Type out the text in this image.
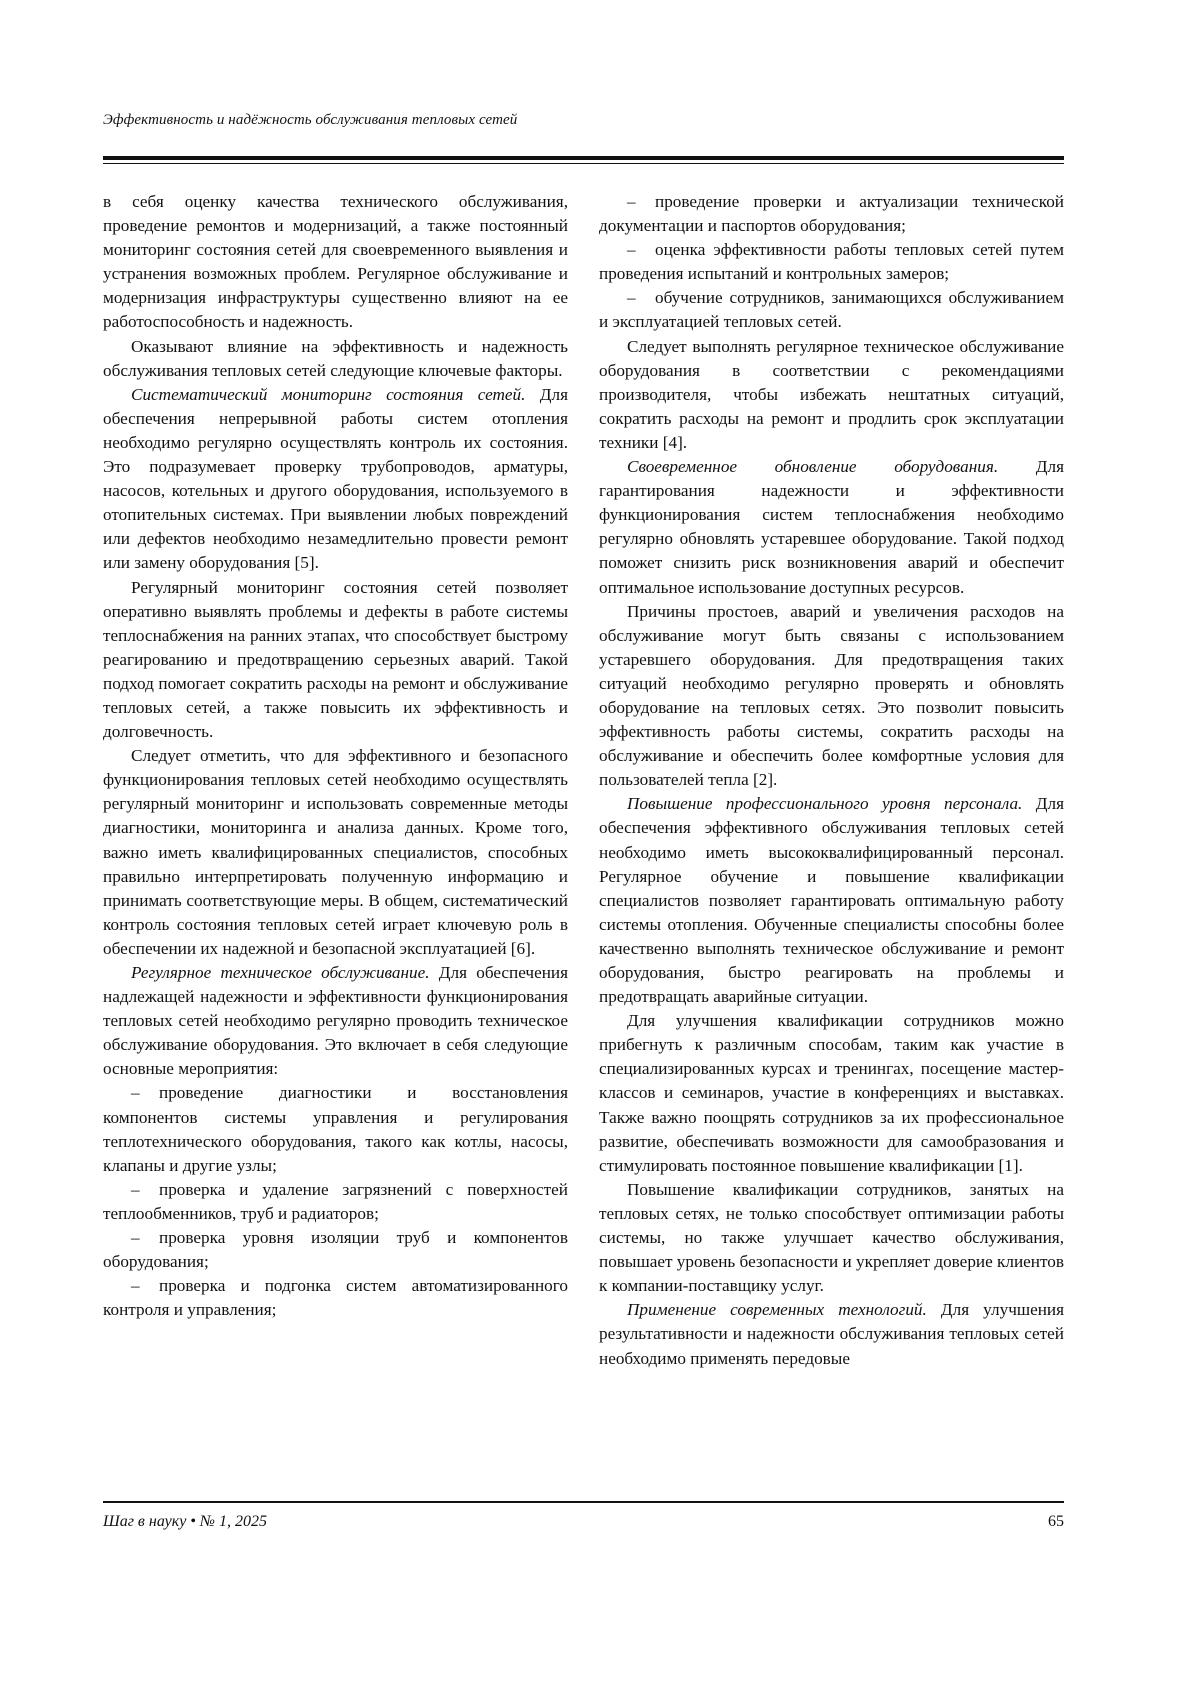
Эффективность и надёжность обслуживания тепловых сетей

в себя оценку качества технического обслуживания, проведение ремонтов и модернизаций, а также постоянный мониторинг состояния сетей для своевременного выявления и устранения возможных проблем. Регулярное обслуживание и модернизация инфраструктуры существенно влияют на ее работоспособность и надежность.

Оказывают влияние на эффективность и надежность обслуживания тепловых сетей следующие ключевые факторы.

Систематический мониторинг состояния сетей. Для обеспечения непрерывной работы систем отопления необходимо регулярно осуществлять контроль их состояния. Это подразумевает проверку трубопроводов, арматуры, насосов, котельных и другого оборудования, используемого в отопительных системах. При выявлении любых повреждений или дефектов необходимо незамедлительно провести ремонт или замену оборудования [5].

Регулярный мониторинг состояния сетей позволяет оперативно выявлять проблемы и дефекты в работе системы теплоснабжения на ранних этапах, что способствует быстрому реагированию и предотвращению серьезных аварий. Такой подход помогает сократить расходы на ремонт и обслуживание тепловых сетей, а также повысить их эффективность и долговечность.

Следует отметить, что для эффективного и безопасного функционирования тепловых сетей необходимо осуществлять регулярный мониторинг и использовать современные методы диагностики, мониторинга и анализа данных. Кроме того, важно иметь квалифицированных специалистов, способных правильно интерпретировать полученную информацию и принимать соответствующие меры. В общем, систематический контроль состояния тепловых сетей играет ключевую роль в обеспечении их надежной и безопасной эксплуатацией [6].

Регулярное техническое обслуживание. Для обеспечения надлежащей надежности и эффективности функционирования тепловых сетей необходимо регулярно проводить техническое обслуживание оборудования. Это включает в себя следующие основные мероприятия:

– проведение диагностики и восстановления компонентов системы управления и регулирования теплотехнического оборудования, такого как котлы, насосы, клапаны и другие узлы;

– проверка и удаление загрязнений с поверхностей теплообменников, труб и радиаторов;

– проверка уровня изоляции труб и компонентов оборудования;

– проверка и подгонка систем автоматизированного контроля и управления;

– проведение проверки и актуализации технической документации и паспортов оборудования;

– оценка эффективности работы тепловых сетей путем проведения испытаний и контрольных замеров;

– обучение сотрудников, занимающихся обслуживанием и эксплуатацией тепловых сетей.

Следует выполнять регулярное техническое обслуживание оборудования в соответствии с рекомендациями производителя, чтобы избежать нештатных ситуаций, сократить расходы на ремонт и продлить срок эксплуатации техники [4].

Своевременное обновление оборудования. Для гарантирования надежности и эффективности функционирования систем теплоснабжения необходимо регулярно обновлять устаревшее оборудование. Такой подход поможет снизить риск возникновения аварий и обеспечит оптимальное использование доступных ресурсов.

Причины простоев, аварий и увеличения расходов на обслуживание могут быть связаны с использованием устаревшего оборудования. Для предотвращения таких ситуаций необходимо регулярно проверять и обновлять оборудование на тепловых сетях. Это позволит повысить эффективность работы системы, сократить расходы на обслуживание и обеспечить более комфортные условия для пользователей тепла [2].

Повышение профессионального уровня персонала. Для обеспечения эффективного обслуживания тепловых сетей необходимо иметь высококвалифицированный персонал. Регулярное обучение и повышение квалификации специалистов позволяет гарантировать оптимальную работу системы отопления. Обученные специалисты способны более качественно выполнять техническое обслуживание и ремонт оборудования, быстро реагировать на проблемы и предотвращать аварийные ситуации.

Для улучшения квалификации сотрудников можно прибегнуть к различным способам, таким как участие в специализированных курсах и тренингах, посещение мастер-классов и семинаров, участие в конференциях и выставках. Также важно поощрять сотрудников за их профессиональное развитие, обеспечивать возможности для самообразования и стимулировать постоянное повышение квалификации [1].

Повышение квалификации сотрудников, занятых на тепловых сетях, не только способствует оптимизации работы системы, но также улучшает качество обслуживания, повышает уровень безопасности и укрепляет доверие клиентов к компании-поставщику услуг.

Применение современных технологий. Для улучшения результативности и надежности обслуживания тепловых сетей необходимо применять передовые

Шаг в науку • № 1, 2025	65
